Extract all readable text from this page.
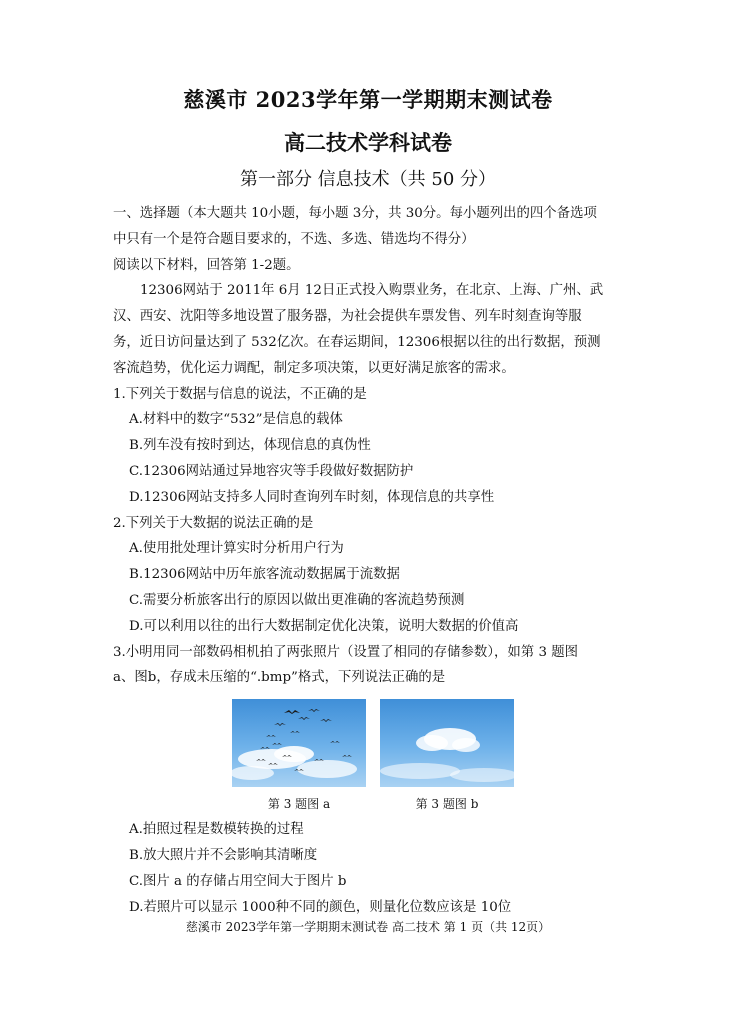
慈溪市 2023学年第一学期期末测试卷
高二技术学科试卷
第一部分 信息技术（共 50 分）

一、选择题（本大题共 10小题，每小题 3分，共 30分。每小题列出的四个备选项

中只有一个是符合题目要求的，不选、多选、错选均不得分）

阅读以下材料，回答第 1-2题。

12306网站于 2011年 6月 12日正式投入购票业务，在北京、上海、广州、武

汉、西安、沈阳等多地设置了服务器，为社会提供车票发售、列车时刻查询等服

务，近日访问量达到了 532亿次。在春运期间，12306根据以往的出行数据，预测

客流趋势，优化运力调配，制定多项决策，以更好满足旅客的需求。

1.下列关于数据与信息的说法，不正确的是

A.材料中的数字“532”是信息的载体

B.列车没有按时到达，体现信息的真伪性

C.12306网站通过异地容灾等手段做好数据防护

D.12306网站支持多人同时查询列车时刻，体现信息的共享性

2.下列关于大数据的说法正确的是

A.使用批处理计算实时分析用户行为

B.12306网站中历年旅客流动数据属于流数据

C.需要分析旅客出行的原因以做出更准确的客流趋势预测

D.可以利用以往的出行大数据制定优化决策，说明大数据的价值高

3.小明用同一部数码相机拍了两张照片（设置了相同的存储参数），如第 3 题图

a、图b，存成未压缩的“.bmp”格式，下列说法正确的是

第 3 题图 a	第 3 题图 b

A.拍照过程是数模转换的过程

B.放大照片并不会影响其清晰度

C.图片 a 的存储占用空间大于图片 b

D.若照片可以显示 1000种不同的颜色，则量化位数应该是 10位

慈溪市 2023学年第一学期期末测试卷 高二技术 第 1 页（共 12页）
